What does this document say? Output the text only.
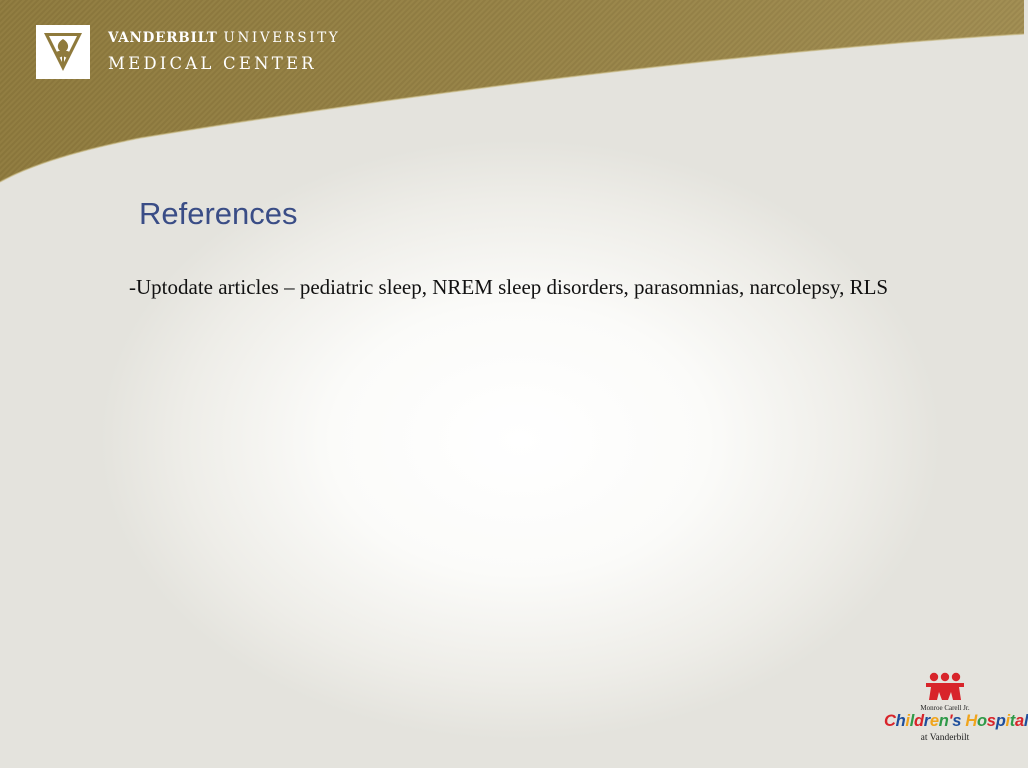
VANDERBILT UNIVERSITY
MEDICAL CENTER
References
-Uptodate articles – pediatric sleep, NREM sleep disorders, parasomnias, narcolepsy, RLS
Monroe Carell Jr.
Children's Hospital
at Vanderbilt
